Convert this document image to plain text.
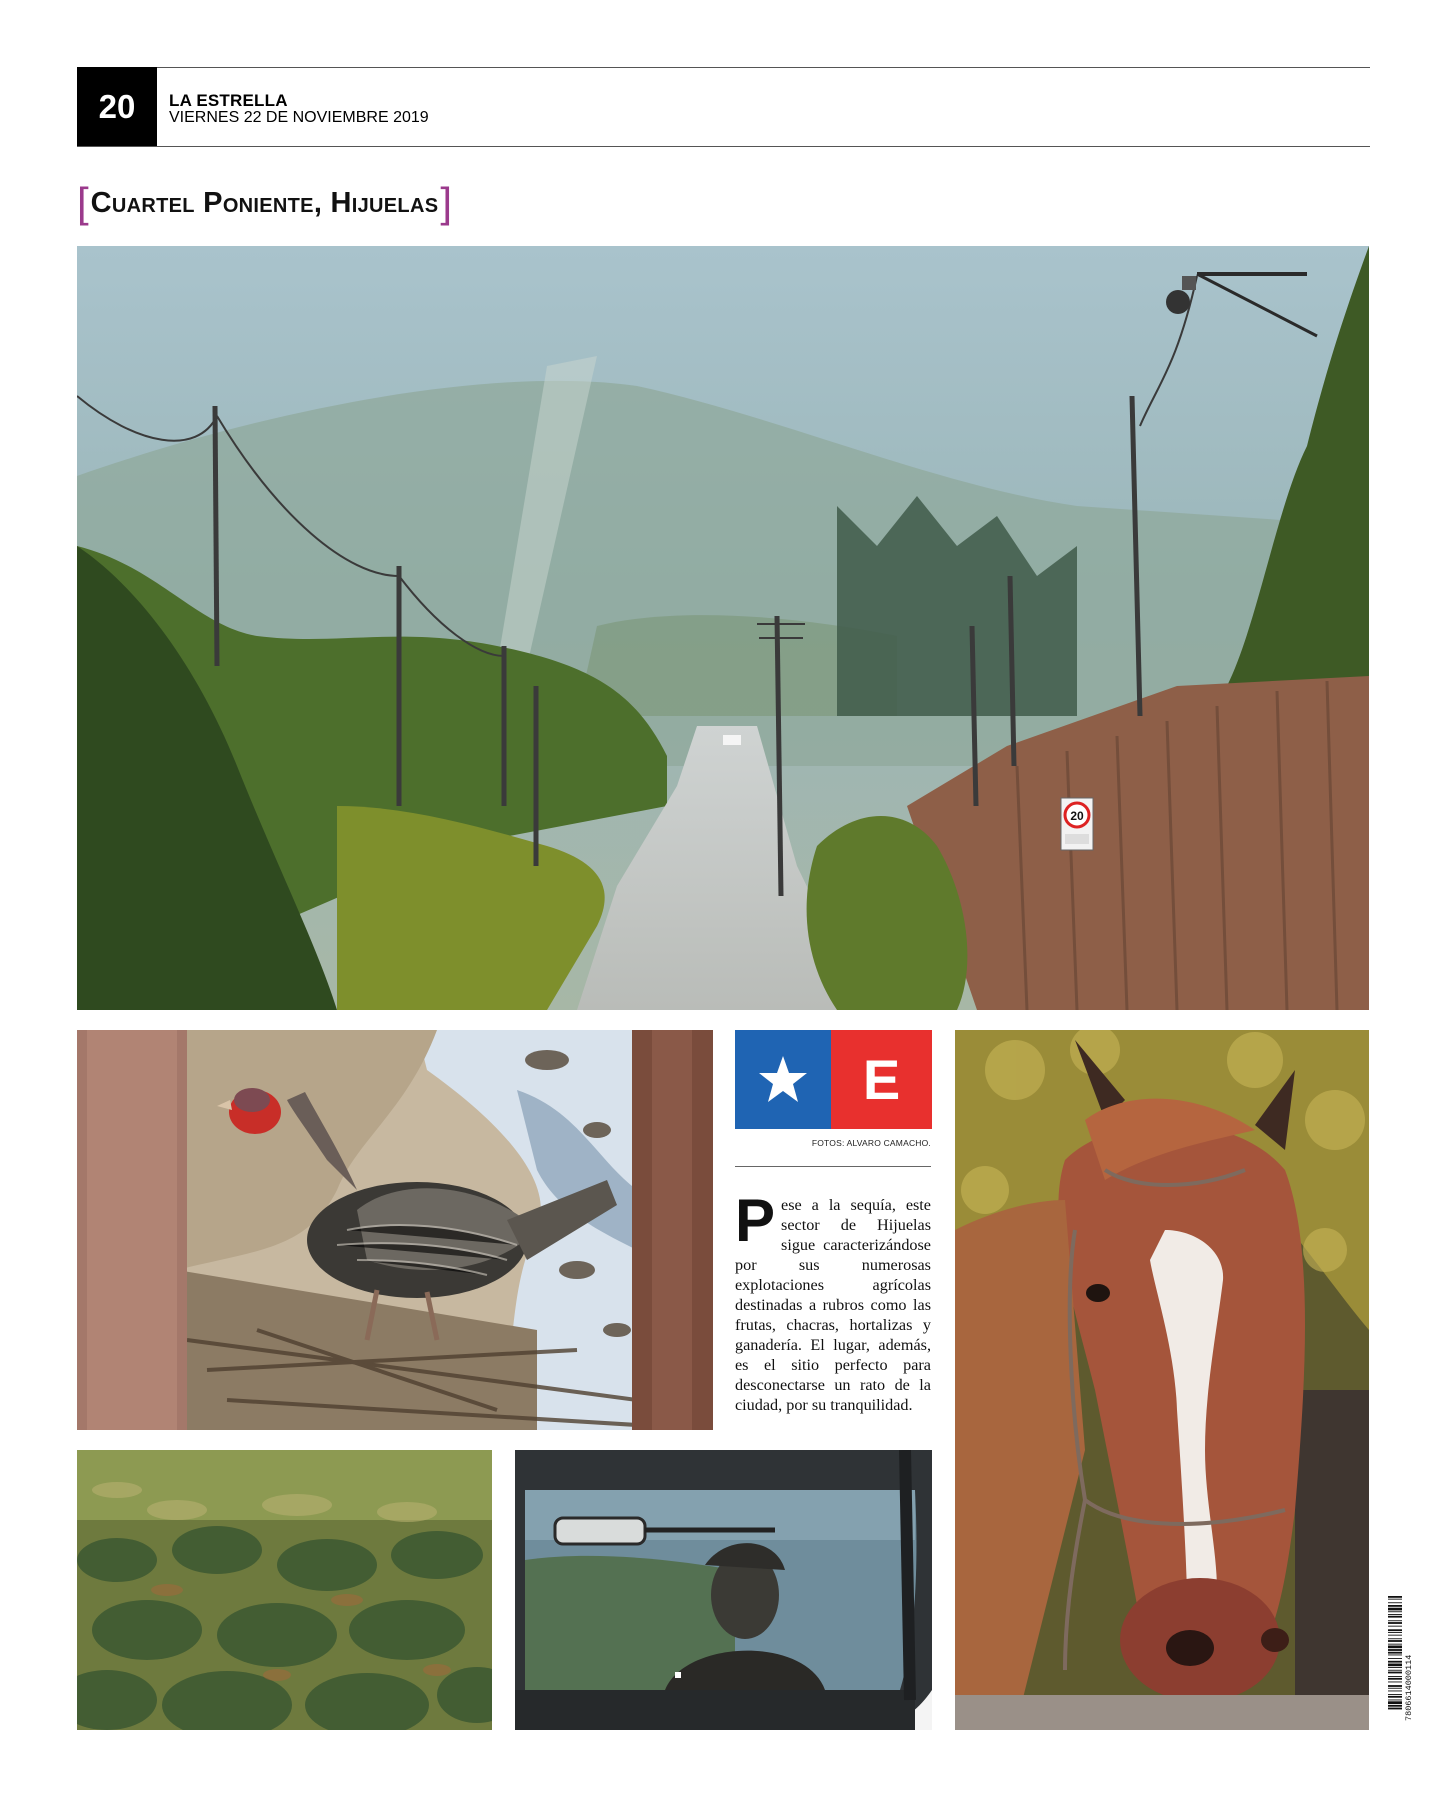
20	LA ESTRELLA
VIERNES 22 DE NOVIEMBRE 2019
[ Cuartel Poniente, Hijuelas ]
20
E
FOTOS: ALVARO CAMACHO.
Pese a la sequía, este sector de Hijuelas sigue caracterizándose por sus numerosas explotaciones agrícolas destinadas a rubros como las frutas, chacras, hortalizas y ganadería. El lugar, además, es el sitio perfecto para desconectarse un rato de la ciudad, por su tranquilidad.
7806614000114
